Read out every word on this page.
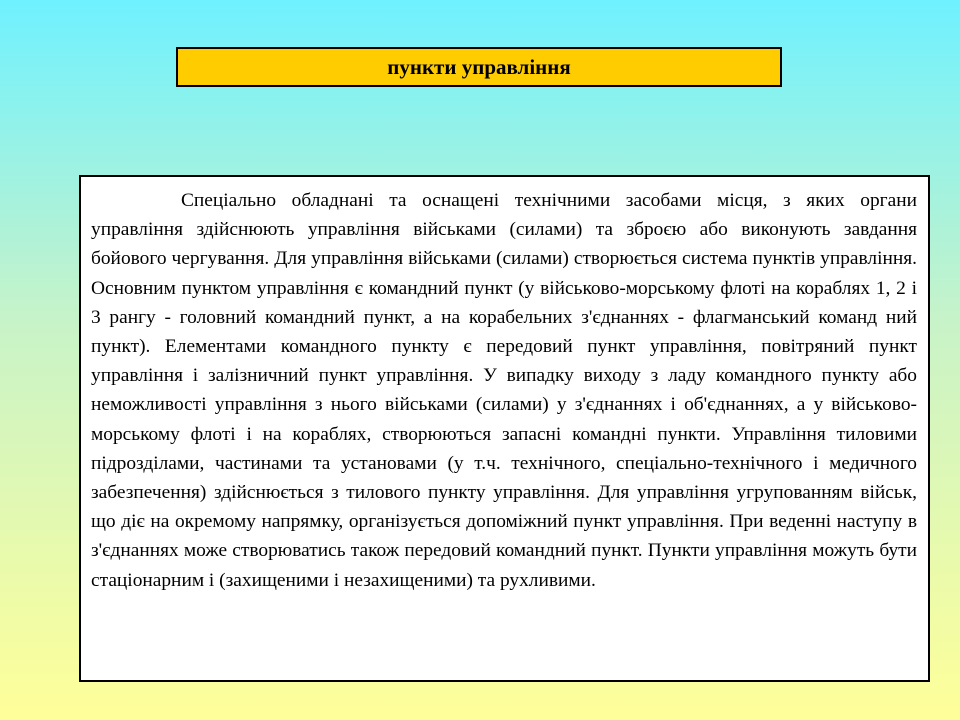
пункти управління

Спеціально обладнані та оснащені технічними засобами місця, з яких органи управління здійснюють управління військами (силами) та зброєю або виконують завдання бойового чергування. Для управління військами (силами) створюється система пунктів управління. Основним пунктом управління є командний пункт (у військово-морському флоті на кораблях 1, 2 і 3 рангу - головний командний пункт, а на корабельних з'єднаннях - флагманський команд ний пункт). Елементами командного пункту є передовий пункт управління, повітряний пункт управління і залізничний пункт управління. У випадку виходу з ладу командного пункту або неможливості управління з нього військами (силами) у з'єднаннях і об'єднаннях, а у військово-морському флоті і на кораблях, створюються запасні командні пункти. Управління тиловими підрозділами, частинами та установами (у т.ч. технічного, спеціально-технічного і медичного забезпечення) здійснюється з тилового пункту управління. Для управління угрупованням військ, що діє на окремому напрямку, організується допоміжний пункт управління. При веденні наступу в з'єднаннях може створюватись також передовий командний пункт. Пункти управління можуть бути стаціонарним і (захищеними і незахищеними) та рухливими.
